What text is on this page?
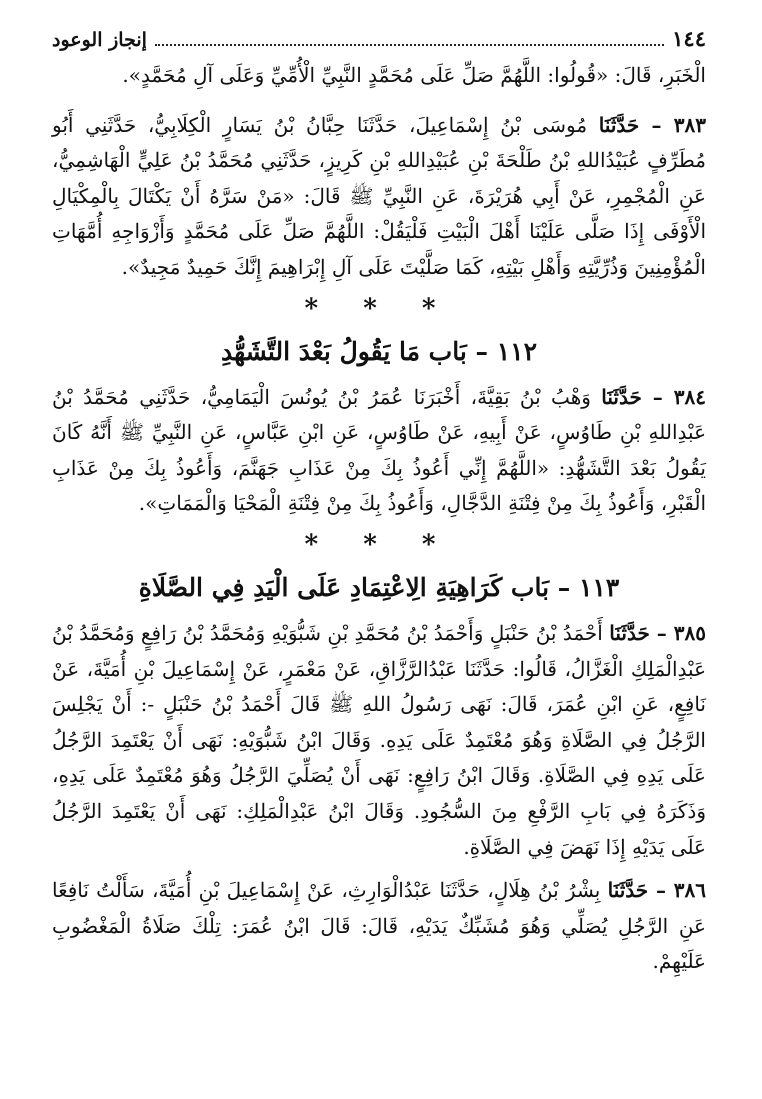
١٤٤
إنجاز الوعود

الْخَبَرِ، قَالَ: «قُولُوا: اللَّهُمَّ صَلِّ عَلَى مُحَمَّدٍ النَّبِيِّ الْأُمِّيِّ وَعَلَى آلِ مُحَمَّدٍ».

٣٨٣ – حَدَّثَنَا مُوسَى بْنُ إِسْمَاعِيلَ، حَدَّثَنَا حِبَّانُ بْنُ يَسَارٍ الْكِلَابِيُّ، حَدَّثَنِي أَبُو مُطَرِّفٍ عُبَيْدُاللهِ بْنُ طَلْحَةَ بْنِ عُبَيْدِاللهِ بْنِ كَرِيزٍ، حَدَّثَنِي مُحَمَّدُ بْنُ عَلِيٍّ الْهَاشِمِيُّ، عَنِ الْمُجْمِرِ، عَنْ أَبِي هُرَيْرَةَ، عَنِ النَّبِيِّ ﷺ قَالَ: «مَنْ سَرَّهُ أَنْ يَكْتَالَ بِالْمِكْيَالِ الْأَوْفَى إِذَا صَلَّى عَلَيْنَا أَهْلَ الْبَيْتِ فَلْيَقُلْ: اللَّهُمَّ صَلِّ عَلَى مُحَمَّدٍ وَأَزْوَاجِهِ أُمَّهَاتِ الْمُؤْمِنِينَ وَذُرِّيَّتِهِ وَأَهْلِ بَيْتِهِ، كَمَا صَلَّيْتَ عَلَى آلِ إِبْرَاهِيمَ إِنَّكَ حَمِيدٌ مَجِيدٌ».

* * *
١١٢ – بَاب مَا يَقُولُ بَعْدَ التَّشَهُّدِ

٣٨٤ – حَدَّثَنَا وَهْبُ بْنُ بَقِيَّةَ، أَخْبَرَنَا عُمَرُ بْنُ يُونُسَ الْيَمَامِيُّ، حَدَّثَنِي مُحَمَّدُ بْنُ عَبْدِاللهِ بْنِ طَاوُسٍ، عَنْ أَبِيهِ، عَنْ طَاوُسٍ، عَنِ ابْنِ عَبَّاسٍ، عَنِ النَّبِيِّ ﷺ أَنَّهُ كَانَ يَقُولُ بَعْدَ التَّشَهُّدِ: «اللَّهُمَّ إِنِّي أَعُوذُ بِكَ مِنْ عَذَابِ جَهَنَّمَ، وَأَعُوذُ بِكَ مِنْ عَذَابِ الْقَبْرِ، وَأَعُوذُ بِكَ مِنْ فِتْنَةِ الدَّجَّالِ، وَأَعُوذُ بِكَ مِنْ فِتْنَةِ الْمَحْيَا وَالْمَمَاتِ».

* * *
١١٣ – بَاب كَرَاهِيَةِ الِاعْتِمَادِ عَلَى الْيَدِ فِي الصَّلَاةِ

٣٨٥ – حَدَّثَنَا أَحْمَدُ بْنُ حَنْبَلٍ وَأَحْمَدُ بْنُ مُحَمَّدِ بْنِ شَبُّوَيْهِ وَمُحَمَّدُ بْنُ رَافِعٍ وَمُحَمَّدُ بْنُ عَبْدِالْمَلِكِ الْغَزَّالُ، قَالُوا: حَدَّثَنَا عَبْدُالرَّزَّاقِ، عَنْ مَعْمَرٍ، عَنْ إِسْمَاعِيلَ بْنِ أُمَيَّةَ، عَنْ نَافِعٍ، عَنِ ابْنِ عُمَرَ، قَالَ: نَهَى رَسُولُ اللهِ ﷺ قَالَ أَحْمَدُ بْنُ حَنْبَلٍ -: أَنْ يَجْلِسَ الرَّجُلُ فِي الصَّلَاةِ وَهُوَ مُعْتَمِدٌ عَلَى يَدِهِ. وَقَالَ ابْنُ شَبُّوَيْهِ: نَهَى أَنْ يَعْتَمِدَ الرَّجُلُ عَلَى يَدِهِ فِي الصَّلَاةِ. وَقَالَ ابْنُ رَافِعٍ: نَهَى أَنْ يُصَلِّيَ الرَّجُلُ وَهُوَ مُعْتَمِدٌ عَلَى يَدِهِ، وَذَكَرَهُ فِي بَابِ الرَّفْعِ مِنَ السُّجُودِ. وَقَالَ ابْنُ عَبْدِالْمَلِكِ: نَهَى أَنْ يَعْتَمِدَ الرَّجُلُ عَلَى يَدَيْهِ إِذَا نَهَضَ فِي الصَّلَاةِ.

٣٨٦ – حَدَّثَنَا بِشْرُ بْنُ هِلَالٍ، حَدَّثَنَا عَبْدُالْوَارِثِ، عَنْ إِسْمَاعِيلَ بْنِ أُمَيَّةَ، سَأَلْتُ نَافِعًا عَنِ الرَّجُلِ يُصَلِّي وَهُوَ مُشَبِّكٌ يَدَيْهِ، قَالَ: قَالَ ابْنُ عُمَرَ: تِلْكَ صَلَاةُ الْمَغْضُوبِ عَلَيْهِمْ.
